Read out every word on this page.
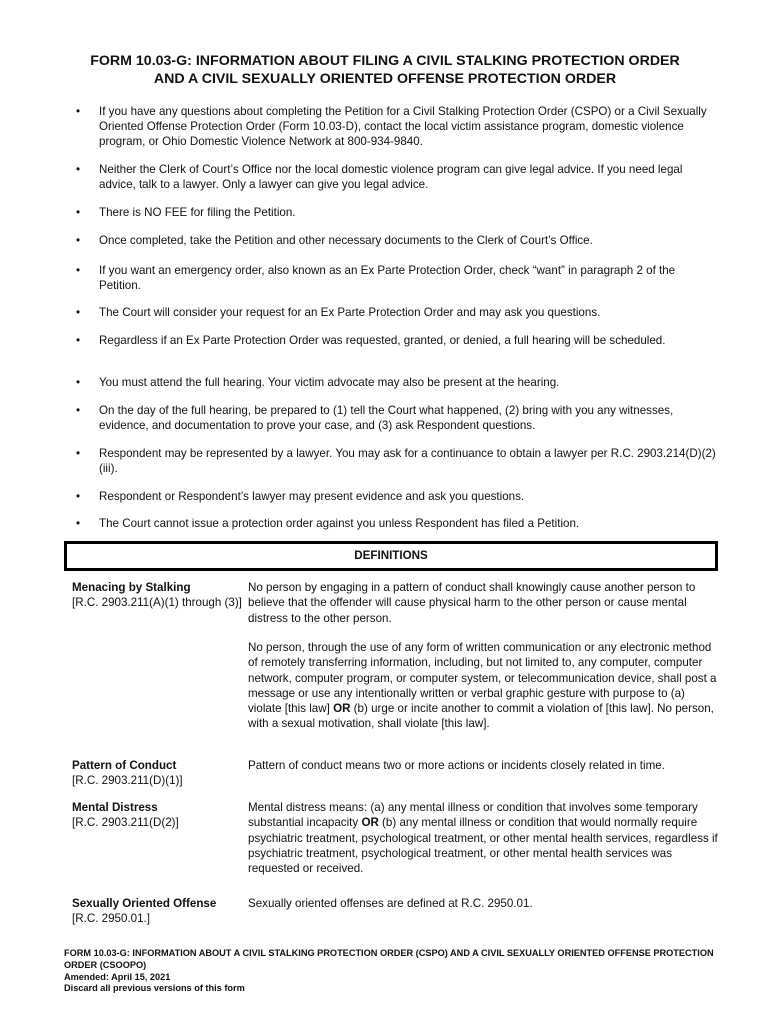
FORM 10.03-G: INFORMATION ABOUT FILING A CIVIL STALKING PROTECTION ORDER
AND A CIVIL SEXUALLY ORIENTED OFFENSE PROTECTION ORDER
• If you have any questions about completing the Petition for a Civil Stalking Protection Order (CSPO) or a Civil Sexually Oriented Offense Protection Order (Form 10.03-D), contact the local victim assistance program, domestic violence program, or Ohio Domestic Violence Network at 800-934-9840.
• Neither the Clerk of Court’s Office nor the local domestic violence program can give legal advice. If you need legal advice, talk to a lawyer. Only a lawyer can give you legal advice.
• There is NO FEE for filing the Petition.
• Once completed, take the Petition and other necessary documents to the Clerk of Court’s Office.
• If you want an emergency order, also known as an Ex Parte Protection Order, check “want” in paragraph 2 of the Petition.
• The Court will consider your request for an Ex Parte Protection Order and may ask you questions.
• Regardless if an Ex Parte Protection Order was requested, granted, or denied, a full hearing will be scheduled.
• You must attend the full hearing. Your victim advocate may also be present at the hearing.
• On the day of the full hearing, be prepared to (1) tell the Court what happened, (2) bring with you any witnesses, evidence, and documentation to prove your case, and (3) ask Respondent questions.
• Respondent may be represented by a lawyer. You may ask for a continuance to obtain a lawyer per R.C. 2903.214(D)(2)(iii).
• Respondent or Respondent’s lawyer may present evidence and ask you questions.
• The Court cannot issue a protection order against you unless Respondent has filed a Petition.
DEFINITIONS
Menacing by Stalking
[R.C. 2903.211(A)(1) through (3)]
No person by engaging in a pattern of conduct shall knowingly cause another person to believe that the offender will cause physical harm to the other person or cause mental distress to the other person.
No person, through the use of any form of written communication or any electronic method of remotely transferring information, including, but not limited to, any computer, computer network, computer program, or computer system, or telecommunication device, shall post a message or use any intentionally written or verbal graphic gesture with purpose to (a) violate [this law] OR (b) urge or incite another to commit a violation of [this law]. No person, with a sexual motivation, shall violate [this law].
Pattern of Conduct
[R.C. 2903.211(D)(1)]
Pattern of conduct means two or more actions or incidents closely related in time.
Mental Distress
[R.C. 2903.211(D(2)]
Mental distress means: (a) any mental illness or condition that involves some temporary substantial incapacity OR (b) any mental illness or condition that would normally require psychiatric treatment, psychological treatment, or other mental health services, regardless if psychiatric treatment, psychological treatment, or other mental health services was requested or received.
Sexually Oriented Offense
[R.C. 2950.01.]
Sexually oriented offenses are defined at R.C. 2950.01.
FORM 10.03-G: INFORMATION ABOUT A CIVIL STALKING PROTECTION ORDER (CSPO) AND A CIVIL SEXUALLY ORIENTED OFFENSE PROTECTION ORDER (CSOOPO)
Amended: April 15, 2021
Discard all previous versions of this form
